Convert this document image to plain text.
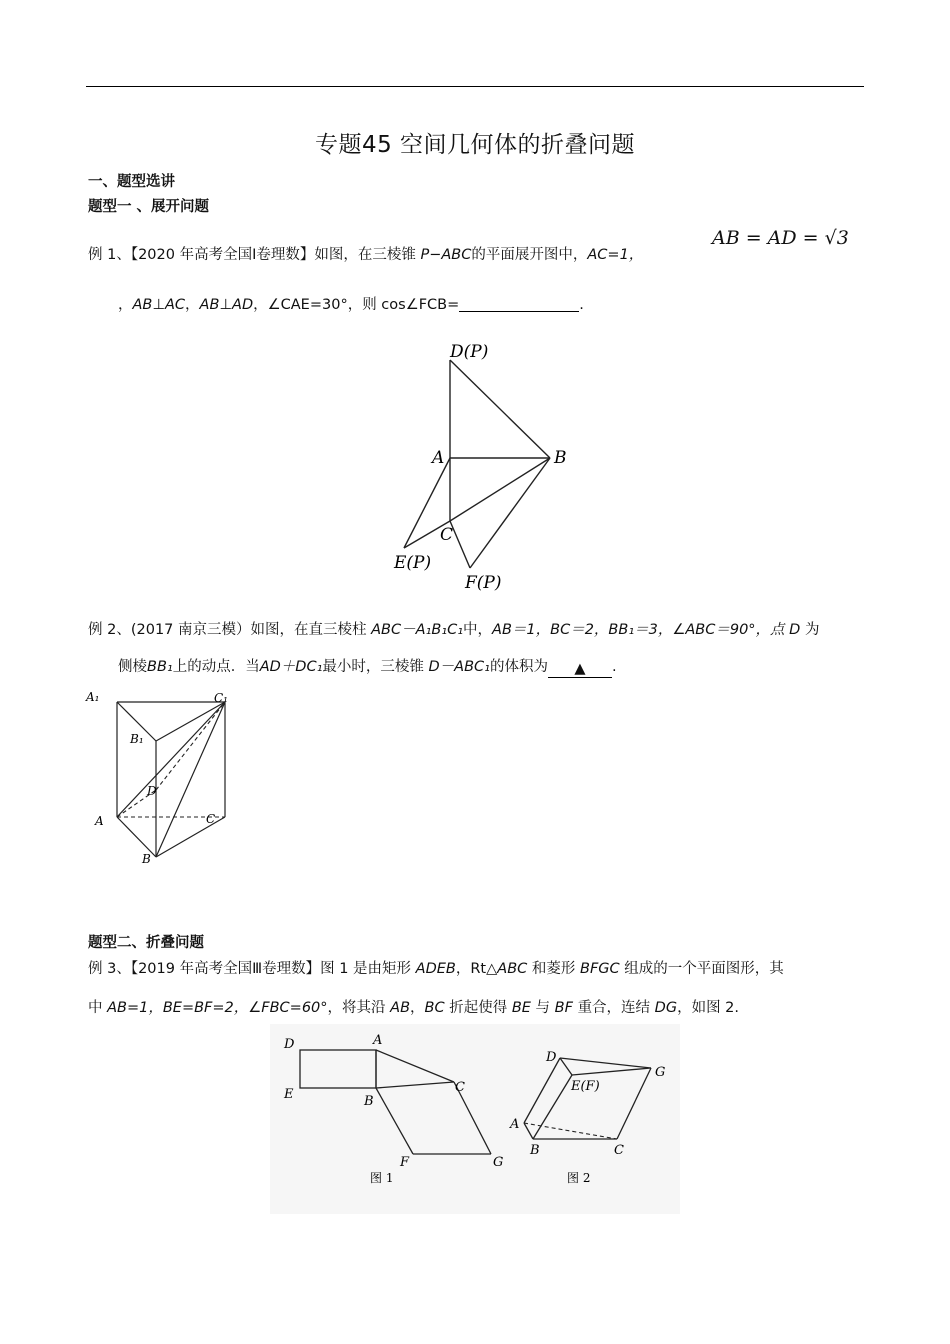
专题45 空间几何体的折叠问题
一、题型选讲
题型一 、展开问题
例 1、【2020 年高考全国Ⅰ卷理数】如图，在三棱锥 P−ABC的平面展开图中，AC=1，
AB = AD = √3
，AB⊥AC，AB⊥AD，∠CAE=30°，则 cos∠FCB=	.
D(P)
A	B
C
E(P)
F(P)
例 2、(2017 南京三模）如图，在直三棱柱 ABC－A₁B₁C₁中，AB＝1，BC＝2，BB₁＝3，∠ABC＝90°，点 D 为
侧棱BB₁上的动点．当AD＋DC₁最小时，三棱锥 D－ABC₁的体积为 ▲ .
A₁	C₁
B₁
D
A	C
B
题型二、折叠问题
例 3、【2019 年高考全国Ⅲ卷理数】图 1 是由矩形 ADEB，Rt△ABC 和菱形 BFGC 组成的一个平面图形，其
中 AB=1，BE=BF=2，∠FBC=60°，将其沿 AB，BC 折起使得 BE 与 BF 重合，连结 DG，如图 2.
D	A
E	B
C
F	G
图 1
D
E(F)
G
A
B	C
图 2
